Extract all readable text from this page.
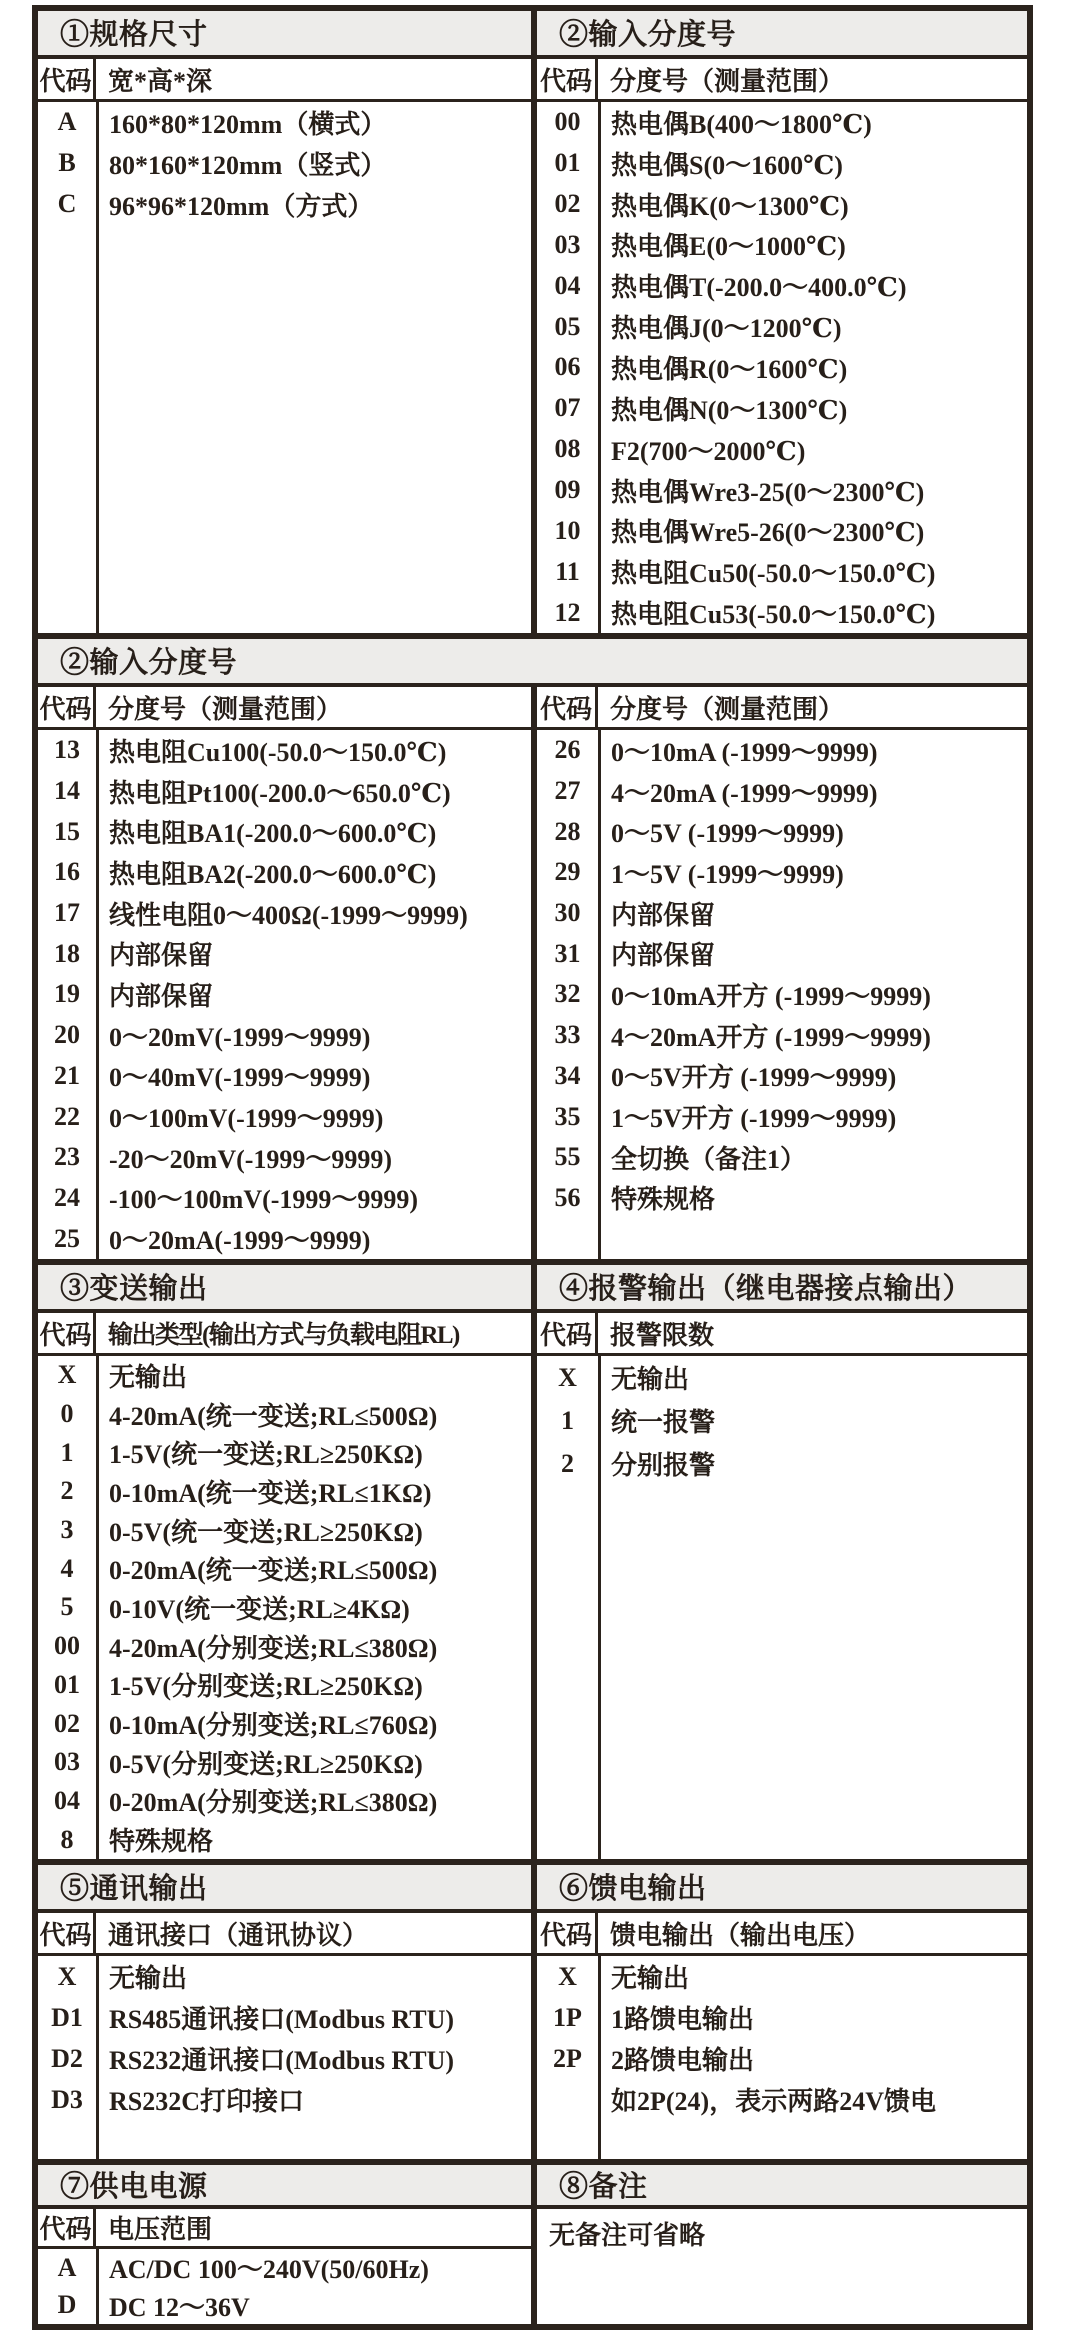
①规格尺寸
代码 宽*高*深
A	160*80*120mm（横式）
B	80*160*120mm（竖式）
C	96*96*120mm（方式）
②输入分度号
代码 分度号（测量范围）
00	热电偶B(400～1800℃)
01	热电偶S(0～1600℃)
02	热电偶K(0～1300℃)
03	热电偶E(0～1000℃)
04	热电偶T(-200.0～400.0℃)
05	热电偶J(0～1200℃)
06	热电偶R(0～1600℃)
07	热电偶N(0～1300℃)
08	F2(700～2000℃)
09	热电偶Wre3-25(0～2300℃)
10	热电偶Wre5-26(0～2300℃)
11	热电阻Cu50(-50.0～150.0℃)
12	热电阻Cu53(-50.0～150.0℃)
②输入分度号
代码 分度号（测量范围）
13	热电阻Cu100(-50.0～150.0℃)
14	热电阻Pt100(-200.0～650.0℃)
15	热电阻BA1(-200.0～600.0℃)
16	热电阻BA2(-200.0～600.0℃)
17	线性电阻0～400Ω(-1999～9999)
18	内部保留
19	内部保留
20	0～20mV(-1999～9999)
21	0～40mV(-1999～9999)
22	0～100mV(-1999～9999)
23	-20～20mV(-1999～9999)
24	-100～100mV(-1999～9999)
25	0～20mA(-1999～9999)
代码 分度号（测量范围）
26	0～10mA (-1999～9999)
27	4～20mA (-1999～9999)
28	0～5V (-1999～9999)
29	1～5V (-1999～9999)
30	内部保留
31	内部保留
32	0～10mA开方 (-1999～9999)
33	4～20mA开方 (-1999～9999)
34	0～5V开方 (-1999～9999)
35	1～5V开方 (-1999～9999)
55	全切换（备注1）
56	特殊规格
③变送输出
代码 输出类型(输出方式与负载电阻RL)
X	无输出
0	4-20mA(统一变送;RL≤500Ω)
1	1-5V(统一变送;RL≥250KΩ)
2	0-10mA(统一变送;RL≤1KΩ)
3	0-5V(统一变送;RL≥250KΩ)
4	0-20mA(统一变送;RL≤500Ω)
5	0-10V(统一变送;RL≥4KΩ)
00	4-20mA(分别变送;RL≤380Ω)
01	1-5V(分别变送;RL≥250KΩ)
02	0-10mA(分别变送;RL≤760Ω)
03	0-5V(分别变送;RL≥250KΩ)
04	0-20mA(分别变送;RL≤380Ω)
8	特殊规格
④报警输出（继电器接点输出）
代码 报警限数
X	无输出
1	统一报警
2	分别报警
⑤通讯输出
代码 通讯接口（通讯协议）
X	无输出
D1	RS485通讯接口(Modbus RTU)
D2	RS232通讯接口(Modbus RTU)
D3	RS232C打印接口
⑥馈电输出
代码 馈电输出（输出电压）
X	无输出
1P	1路馈电输出
2P	2路馈电输出
如2P(24)，表示两路24V馈电
⑦供电电源
代码 电压范围
A	AC/DC 100～240V(50/60Hz)
D	DC 12～36V
⑧备注
无备注可省略
